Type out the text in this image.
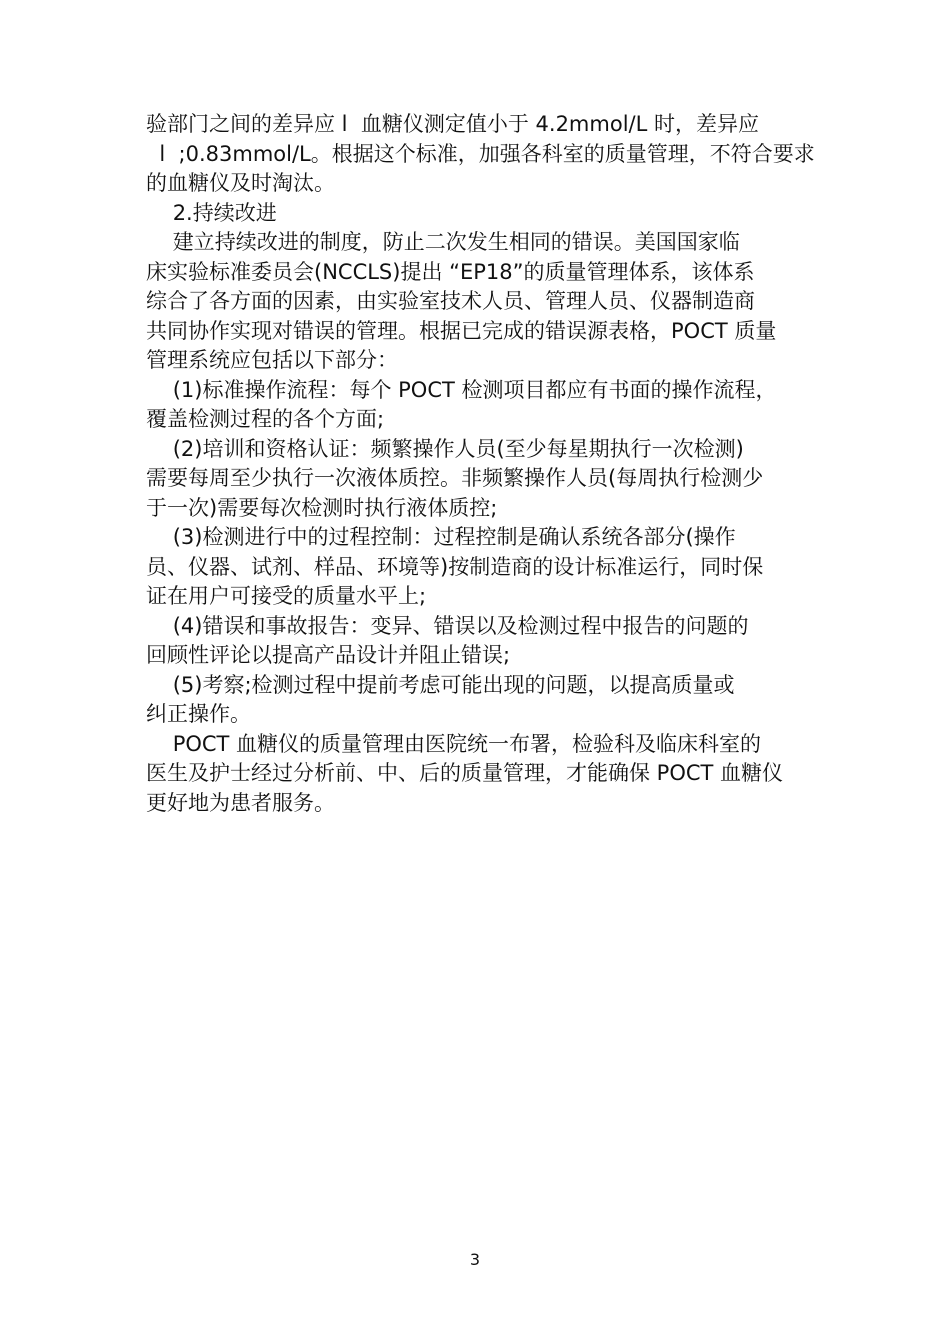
验部门之间的差异应 l  血糖仪测定值小于 4.2mmol/L 时，差异应
l  ;0.83mmol/L。根据这个标准，加强各科室的质量管理，不符合要求
的血糖仪及时淘汰。
2.持续改进
建立持续改进的制度，防止二次发生相同的错误。美国国家临
床实验标准委员会(NCCLS)提出 “EP18”的质量管理体系，该体系
综合了各方面的因素，由实验室技术人员、管理人员、仪器制造商
共同协作实现对错误的管理。根据已完成的错误源表格，POCT 质量
管理系统应包括以下部分：
(1)标准操作流程：每个 POCT 检测项目都应有书面的操作流程，
覆盖检测过程的各个方面;
(2)培训和资格认证：频繁操作人员(至少每星期执行一次检测)
需要每周至少执行一次液体质控。非频繁操作人员(每周执行检测少
于一次)需要每次检测时执行液体质控;
(3)检测进行中的过程控制：过程控制是确认系统各部分(操作
员、仪器、试剂、样品、环境等)按制造商的设计标准运行，同时保
证在用户可接受的质量水平上;
(4)错误和事故报告：变异、错误以及检测过程中报告的问题的
回顾性评论以提高产品设计并阻止错误;
(5)考察;检测过程中提前考虑可能出现的问题，以提高质量或
纠正操作。
POCT 血糖仪的质量管理由医院统一布署，检验科及临床科室的
医生及护士经过分析前、中、后的质量管理，才能确保 POCT 血糖仪
更好地为患者服务。
3
